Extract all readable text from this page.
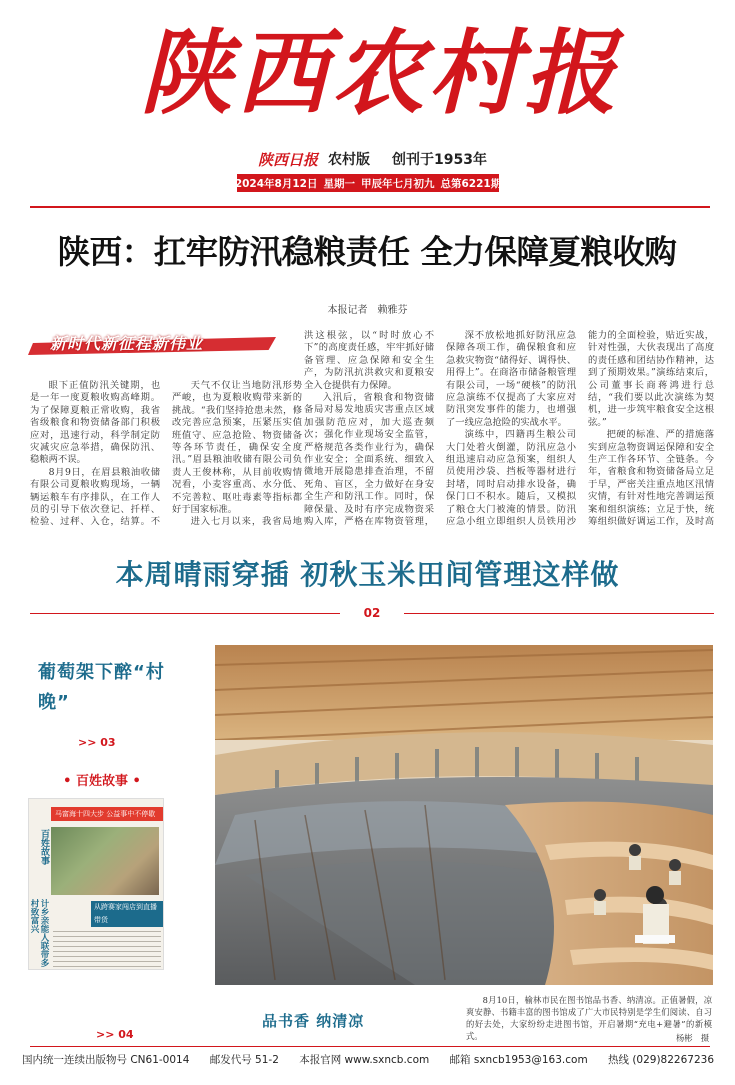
陕西农村报
陕西日报 农村版 创刊于1953年
2024年8月12日 星期一 甲辰年七月初九 总第6221期
陕西：扛牢防汛稳粮责任 全力保障夏粮收购
本报记者　赖雅芬
新时代新征程新伟业

眼下正值防汛关键期，也是一年一度夏粮收购高峰期。为了保障夏粮正常收购，我省省级粮食和物资储备部门积极应对，迅速行动，科学制定防灾减灾应急举措，确保防汛、稳粮两不误。

8月9日，在眉县粮油收储有限公司夏粮收购现场，一辆辆运粮车有序排队，在工作人员的引导下依次登记、扦样、检验、过秤、入仓，结算。不

天气不仅让当地防汛形势严峻，也为夏粮收购带来新的挑战。“我们坚持抢患未然，修改完善应急预案，压紧压实值班值守、应急抢险、物资储备等各环节责任，确保安全度汛。”眉县粮油收储有限公司负责人王俊林称，从目前收购情况看，小麦容重高、水分低、不完善粒、呕吐毒素等指标都好于国家标准。

进入七月以来，我省局地

洪这根弦，以“时时放心不下”的高度责任感，牢牢抓好储备管理、应急保障和安全生产，为防汛抗洪救灾和夏粮安全入仓提供有力保障。

入汛后，省粮食和物资储备局对易发地质灾害重点区域加强防范应对，加大巡查频次；强化作业现场安全监管，严格规范各类作业行为，确保作业安全；全面系统、细致入微地开展隐患排查治理，不留死角、盲区，全力做好在身安全生产和防汛工作。同时，保障保量、及时有序完成物资采购入库，严格在库物资管理，

深不放松地抓好防汛应急保障各项工作，确保粮食和应急救灾物资“储得好、调得快、用得上”。在商洛市储备粮管理有限公司，一场“硬核”的防汛应急演练不仅提高了大家应对防汛突发事件的能力，也增强了一线应急抢险的实战水平。

演练中，四籍再生粮公司大门处着火倒灌，防汛应急小组迅速启动应急预案，组织人员使用沙袋、挡板等器材进行封堵，同时启动排水设备，确保门口不积水。随后，又模拟了粮仓大门被淹的情景。防汛应急小组立即组织人员铁用沙

能力的全面检验，贴近实战，针对性强，大伙表现出了高度的责任感和团结协作精神，达到了预期效果。”演练结束后，公司董事长商蒋鸿进行总结，“我们要以此次演练为契机，进一步筑牢粮食安全这根弦。”

把硬的标准、严的措施落实到应急物资调运保障和安全生产工作各环节、全链条。今年，省粮食和物资储备局立足于早，严密关注重点地区汛情灾情，有针对性地完善调运预案和组织演练；立足于快，统筹组织做好调运工作，及时高

本周晴雨穿插 初秋玉米田间管理这样做
02
葡萄架下醉“村晚”
>> 03
• 百姓故事 •
马富海十四大步 公益事中不停歇
百姓故事
从跨赛家闯店到直播带货
计乡亲能人联带多村致富兴
>> 04
品书香 纳清凉

8月10日，榆林市民在图书馆品书香、纳清凉。正值暑假，凉爽安静、书籍丰富的图书馆成了广大市民特别是学生们阅读、自习的好去处，大家纷纷走进图书馆，开启暑期“充电+避暑”的新模式。	杨彬　摄
国内统一连续出版物号 CN61-0014 邮发代号 51-2 本报官网 www.sxncb.com 邮箱 sxncb1953@163.com 热线 (029)82267236
